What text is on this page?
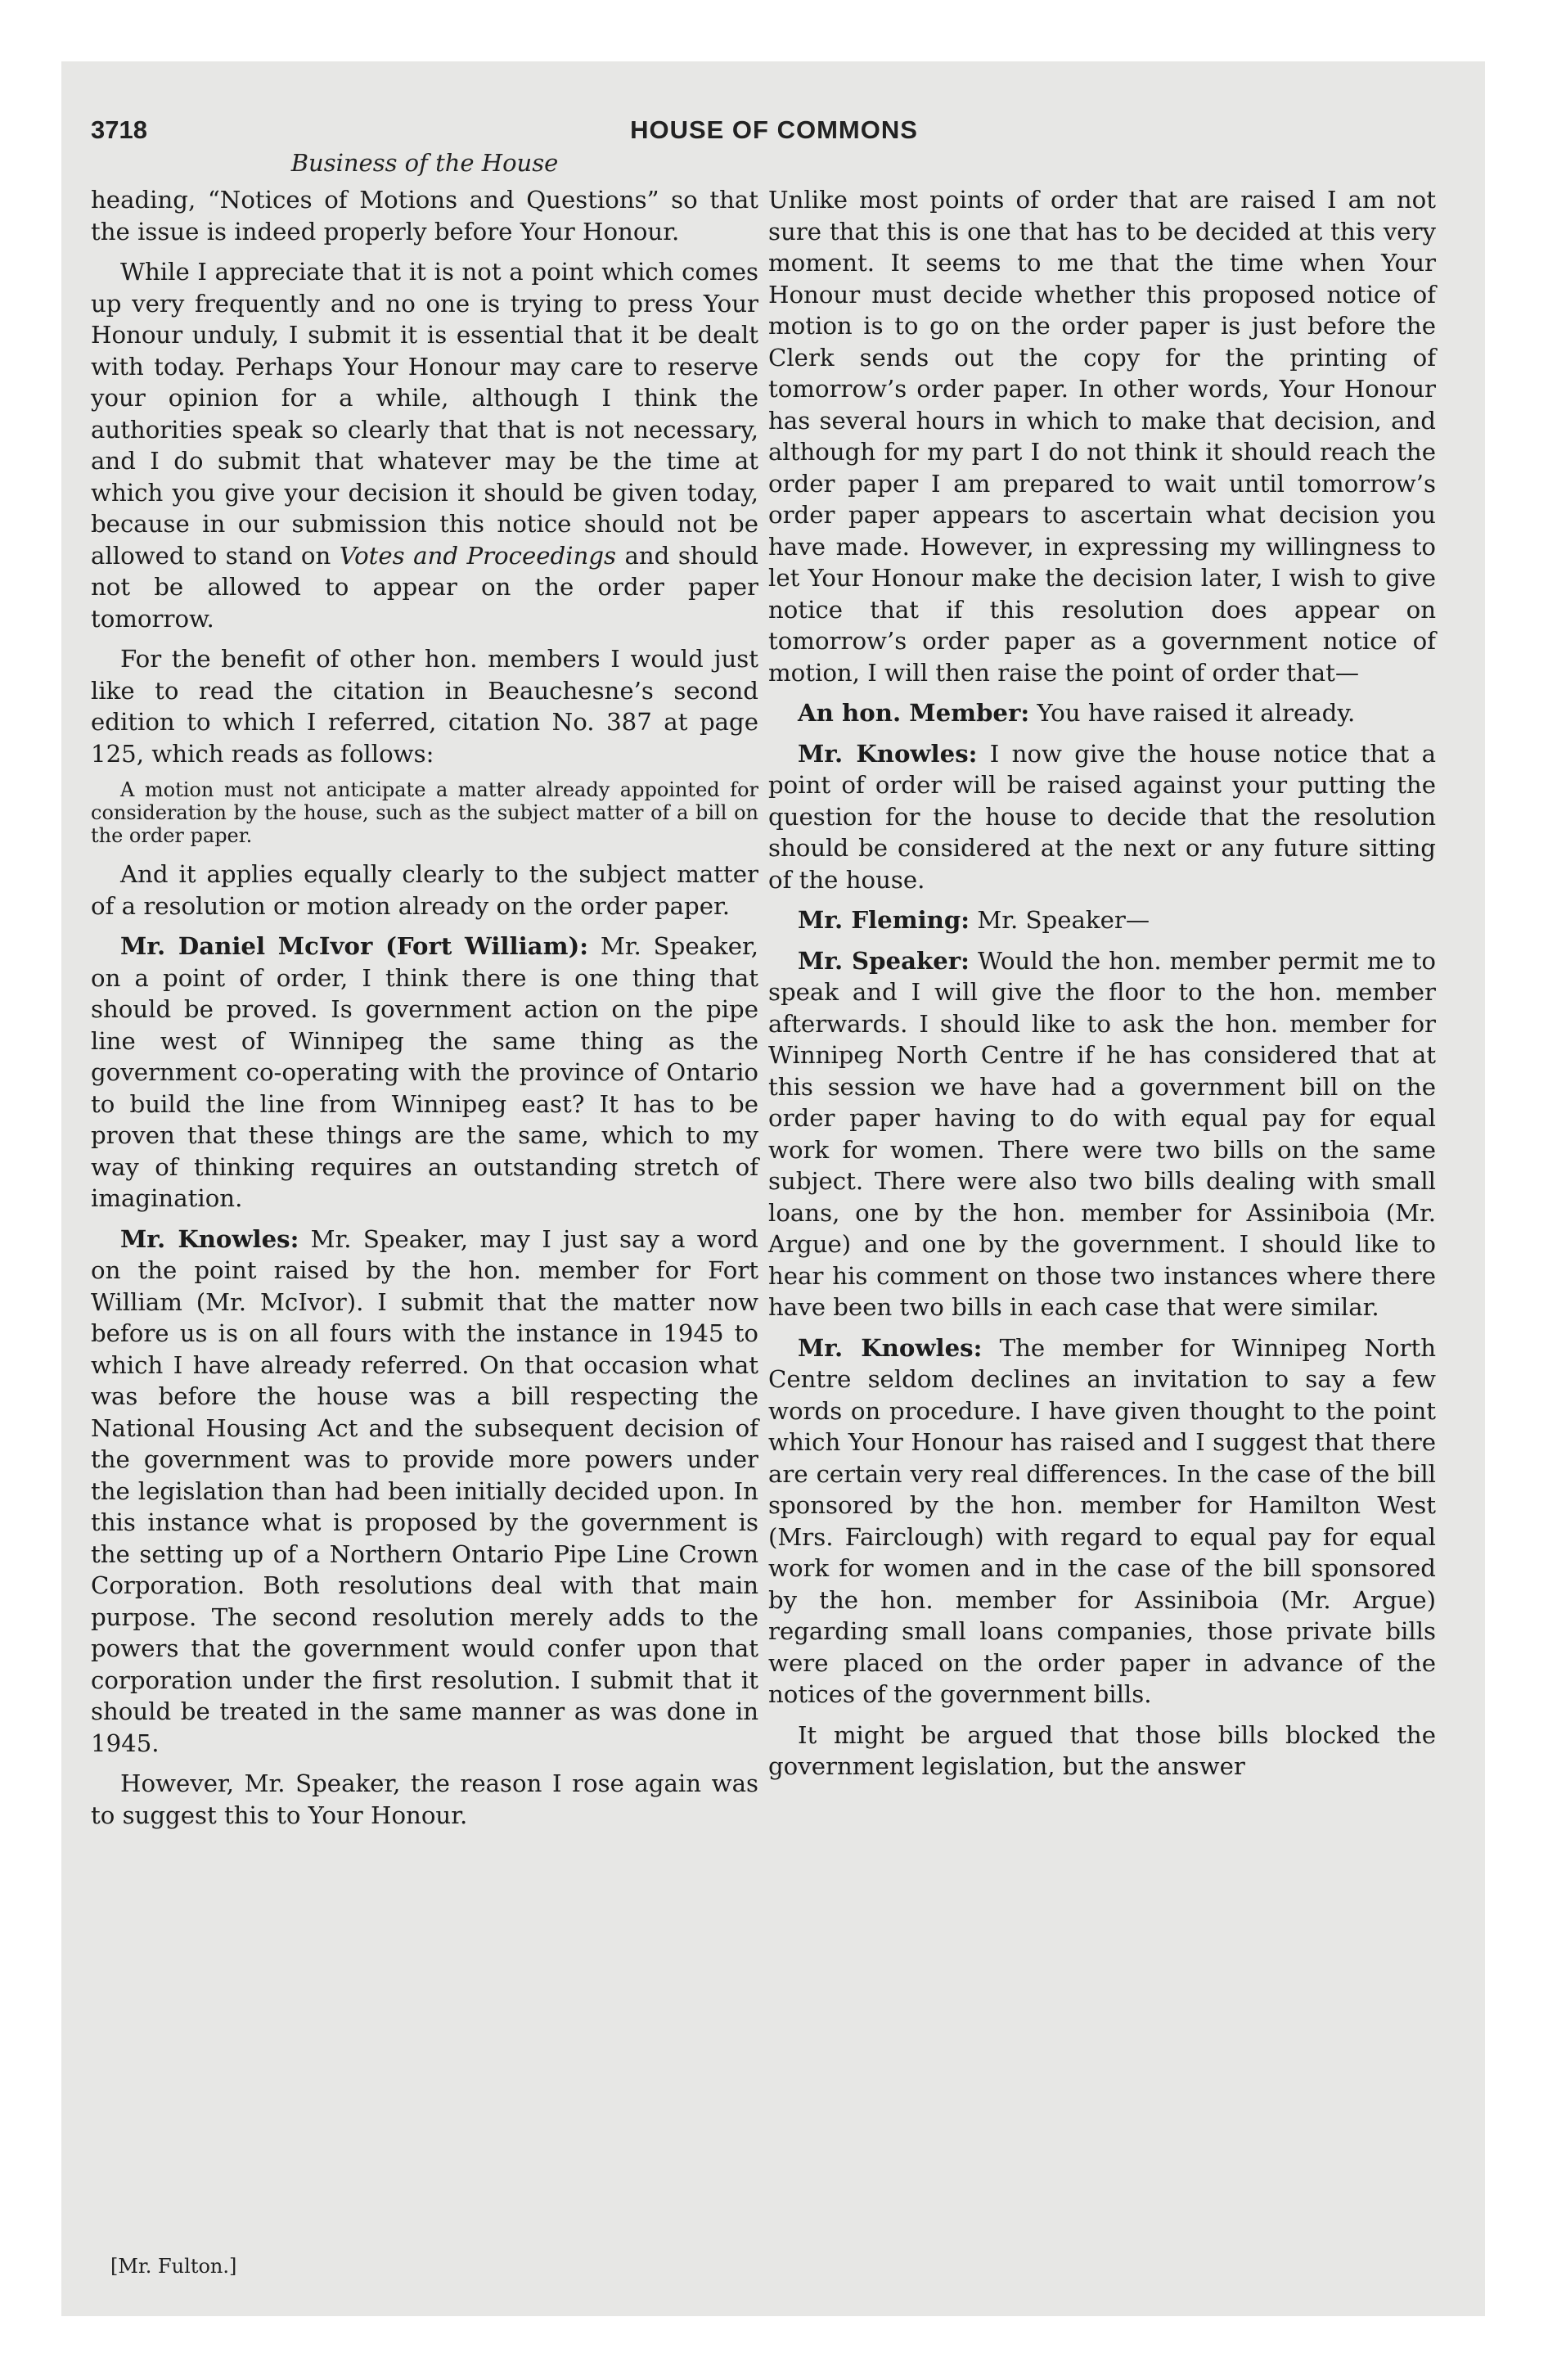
3718	HOUSE OF COMMONS
Business of the House

heading, “Notices of Motions and Questions” so that the issue is indeed properly before Your Honour.

While I appreciate that it is not a point which comes up very frequently and no one is trying to press Your Honour unduly, I submit it is essential that it be dealt with today. Perhaps Your Honour may care to reserve your opinion for a while, although I think the authorities speak so clearly that that is not necessary, and I do submit that whatever may be the time at which you give your decision it should be given today, because in our submission this notice should not be allowed to stand on Votes and Proceedings and should not be allowed to appear on the order paper tomorrow.

For the benefit of other hon. members I would just like to read the citation in Beauchesne’s second edition to which I referred, citation No. 387 at page 125, which reads as follows:

A motion must not anticipate a matter already appointed for consideration by the house, such as the subject matter of a bill on the order paper.

And it applies equally clearly to the subject matter of a resolution or motion already on the order paper.

Mr. Daniel McIvor (Fort William): Mr. Speaker, on a point of order, I think there is one thing that should be proved. Is government action on the pipe line west of Winnipeg the same thing as the government co-operating with the province of Ontario to build the line from Winnipeg east? It has to be proven that these things are the same, which to my way of thinking requires an outstanding stretch of imagination.

Mr. Knowles: Mr. Speaker, may I just say a word on the point raised by the hon. member for Fort William (Mr. McIvor). I submit that the matter now before us is on all fours with the instance in 1945 to which I have already referred. On that occasion what was before the house was a bill respecting the National Housing Act and the subsequent decision of the government was to provide more powers under the legislation than had been initially decided upon. In this instance what is proposed by the government is the setting up of a Northern Ontario Pipe Line Crown Corporation. Both resolutions deal with that main purpose. The second resolution merely adds to the powers that the government would confer upon that corporation under the first resolution. I submit that it should be treated in the same manner as was done in 1945.

However, Mr. Speaker, the reason I rose again was to suggest this to Your Honour.

Unlike most points of order that are raised I am not sure that this is one that has to be decided at this very moment. It seems to me that the time when Your Honour must decide whether this proposed notice of motion is to go on the order paper is just before the Clerk sends out the copy for the printing of tomorrow’s order paper. In other words, Your Honour has several hours in which to make that decision, and although for my part I do not think it should reach the order paper I am prepared to wait until tomorrow’s order paper appears to ascertain what decision you have made. However, in expressing my willingness to let Your Honour make the decision later, I wish to give notice that if this resolution does appear on tomorrow’s order paper as a government notice of motion, I will then raise the point of order that—

An hon. Member: You have raised it already.

Mr. Knowles: I now give the house notice that a point of order will be raised against your putting the question for the house to decide that the resolution should be considered at the next or any future sitting of the house.

Mr. Fleming: Mr. Speaker—

Mr. Speaker: Would the hon. member permit me to speak and I will give the floor to the hon. member afterwards. I should like to ask the hon. member for Winnipeg North Centre if he has considered that at this session we have had a government bill on the order paper having to do with equal pay for equal work for women. There were two bills on the same subject. There were also two bills dealing with small loans, one by the hon. member for Assiniboia (Mr. Argue) and one by the government. I should like to hear his comment on those two instances where there have been two bills in each case that were similar.

Mr. Knowles: The member for Winnipeg North Centre seldom declines an invitation to say a few words on procedure. I have given thought to the point which Your Honour has raised and I suggest that there are certain very real differences. In the case of the bill sponsored by the hon. member for Hamilton West (Mrs. Fairclough) with regard to equal pay for equal work for women and in the case of the bill sponsored by the hon. member for Assiniboia (Mr. Argue) regarding small loans companies, those private bills were placed on the order paper in advance of the notices of the government bills.

It might be argued that those bills blocked the government legislation, but the answer

[Mr. Fulton.]
